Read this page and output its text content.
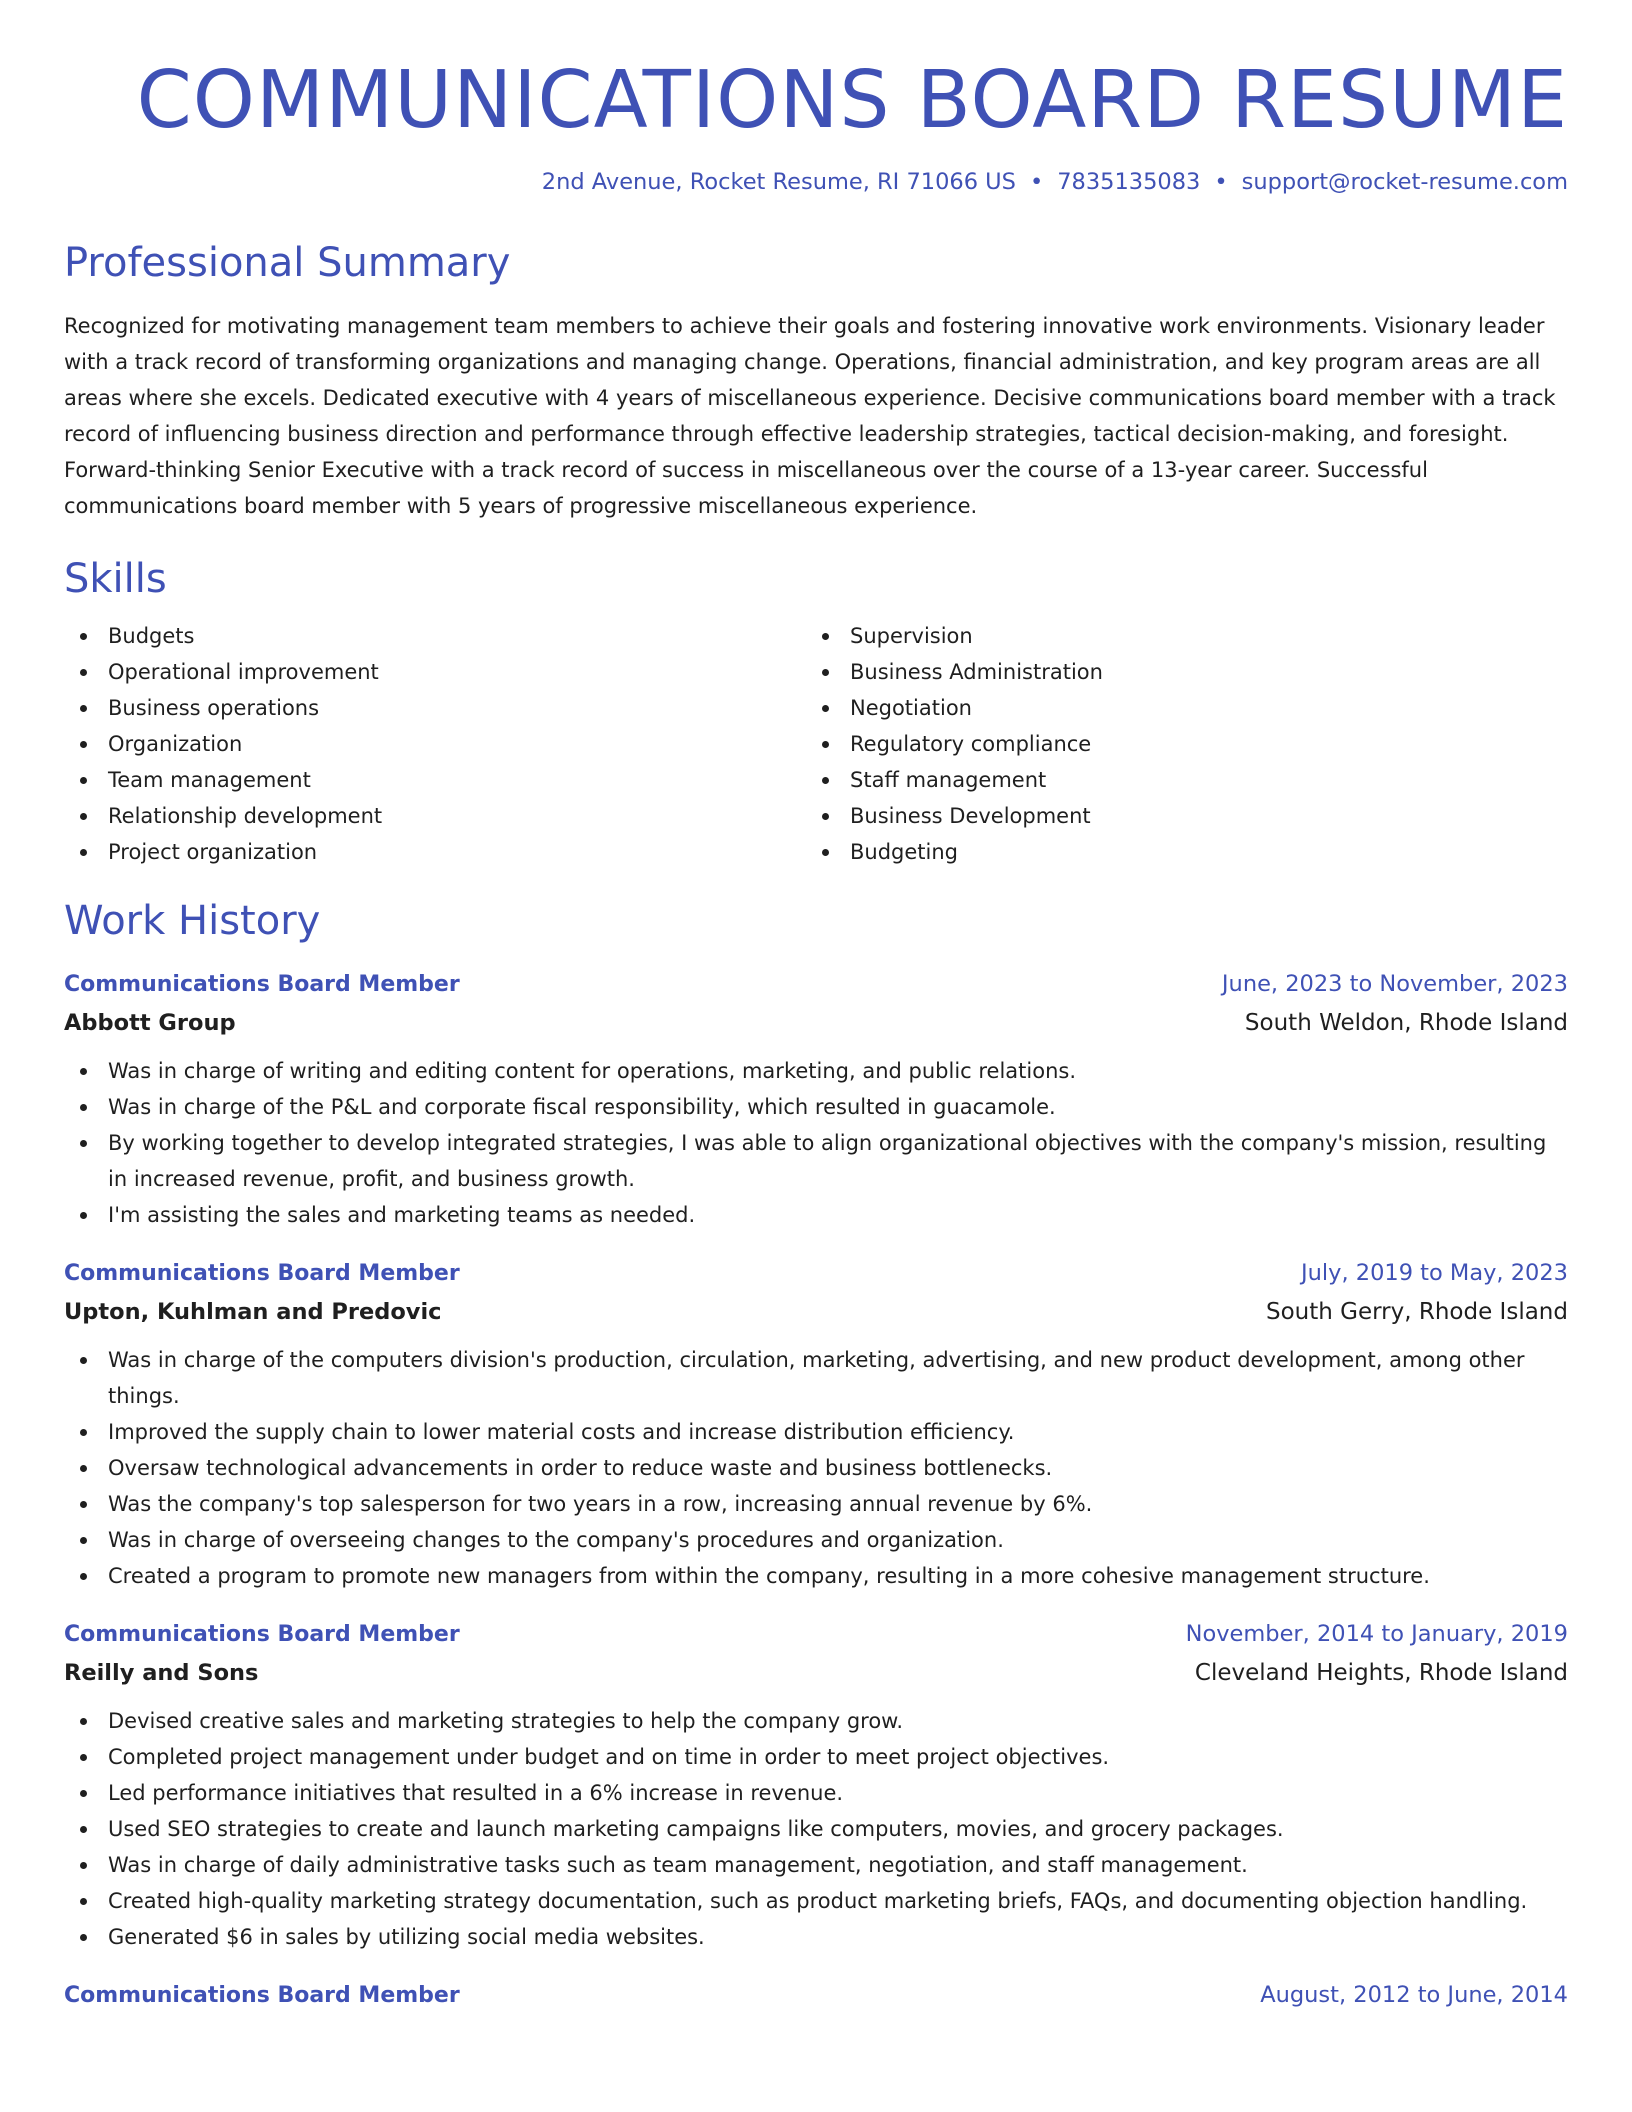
COMMUNICATIONS BOARD RESUME
2nd Avenue, Rocket Resume, RI 71066 US • 7835135083 • support@rocket-resume.com
Professional Summary
Recognized for motivating management team members to achieve their goals and fostering innovative work environments. Visionary leader with a track record of transforming organizations and managing change. Operations, financial administration, and key program areas are all areas where she excels. Dedicated executive with 4 years of miscellaneous experience. Decisive communications board member with a track record of influencing business direction and performance through effective leadership strategies, tactical decision-making, and foresight. Forward-thinking Senior Executive with a track record of success in miscellaneous over the course of a 13-year career. Successful communications board member with 5 years of progressive miscellaneous experience.
Skills
Budgets
Operational improvement
Business operations
Organization
Team management
Relationship development
Project organization
Supervision
Business Administration
Negotiation
Regulatory compliance
Staff management
Business Development
Budgeting
Work History
Communications Board Member	June, 2023 to November, 2023
Abbott Group	South Weldon, Rhode Island
Was in charge of writing and editing content for operations, marketing, and public relations.
Was in charge of the P&L and corporate fiscal responsibility, which resulted in guacamole.
By working together to develop integrated strategies, I was able to align organizational objectives with the company's mission, resulting in increased revenue, profit, and business growth.
I'm assisting the sales and marketing teams as needed.
Communications Board Member	July, 2019 to May, 2023
Upton, Kuhlman and Predovic	South Gerry, Rhode Island
Was in charge of the computers division's production, circulation, marketing, advertising, and new product development, among other things.
Improved the supply chain to lower material costs and increase distribution efficiency.
Oversaw technological advancements in order to reduce waste and business bottlenecks.
Was the company's top salesperson for two years in a row, increasing annual revenue by 6%.
Was in charge of overseeing changes to the company's procedures and organization.
Created a program to promote new managers from within the company, resulting in a more cohesive management structure.
Communications Board Member	November, 2014 to January, 2019
Reilly and Sons	Cleveland Heights, Rhode Island
Devised creative sales and marketing strategies to help the company grow.
Completed project management under budget and on time in order to meet project objectives.
Led performance initiatives that resulted in a 6% increase in revenue.
Used SEO strategies to create and launch marketing campaigns like computers, movies, and grocery packages.
Was in charge of daily administrative tasks such as team management, negotiation, and staff management.
Created high-quality marketing strategy documentation, such as product marketing briefs, FAQs, and documenting objection handling.
Generated $6 in sales by utilizing social media websites.
Communications Board Member	August, 2012 to June, 2014
